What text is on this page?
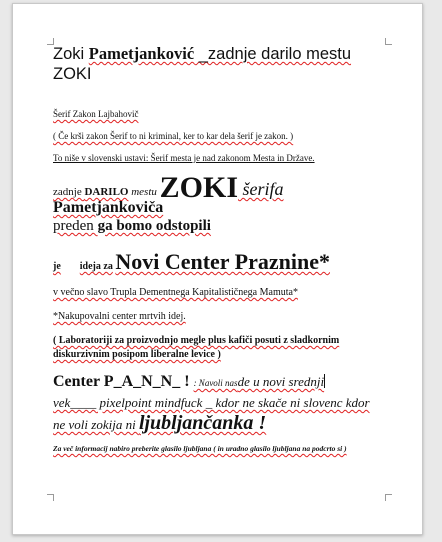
Zoki Pametjanković _zadnje darilo mestu
ZOKI

Šerif Zakon Lajbahovič

( Če krši zakon Šerif to ni kriminal, ker to kar dela šerif je zakon. )

To niše v slovenski ustavi: Šerif mesta je nad zakonom Mesta in Države.

zadnje DARILO mestu ZOKI šerifa
Pametjankoviča

preden ga bomo odstopili

je ideja za Novi Center Praznine*

v večno slavo Trupla Dementnega Kapitalističnega Mamuta*

*Nakupovalni center mrtvih idej.

( Laboratoriji za proizvodnjo megle plus kafiči posuti z sladkornim diskurzivnim posipom liberalne levice )

Center P_A_N_N_ ! : Navoli nasde u novi srednji
vek____ pixelpoint mindfuck _ kdor ne skače ni slovenc kdor
ne voli zokija ni ljubljančanka !

Za več informacij nabiro preberite glasilo ljubljana ( in uradno glasilo ljubljana na podcrto si )
